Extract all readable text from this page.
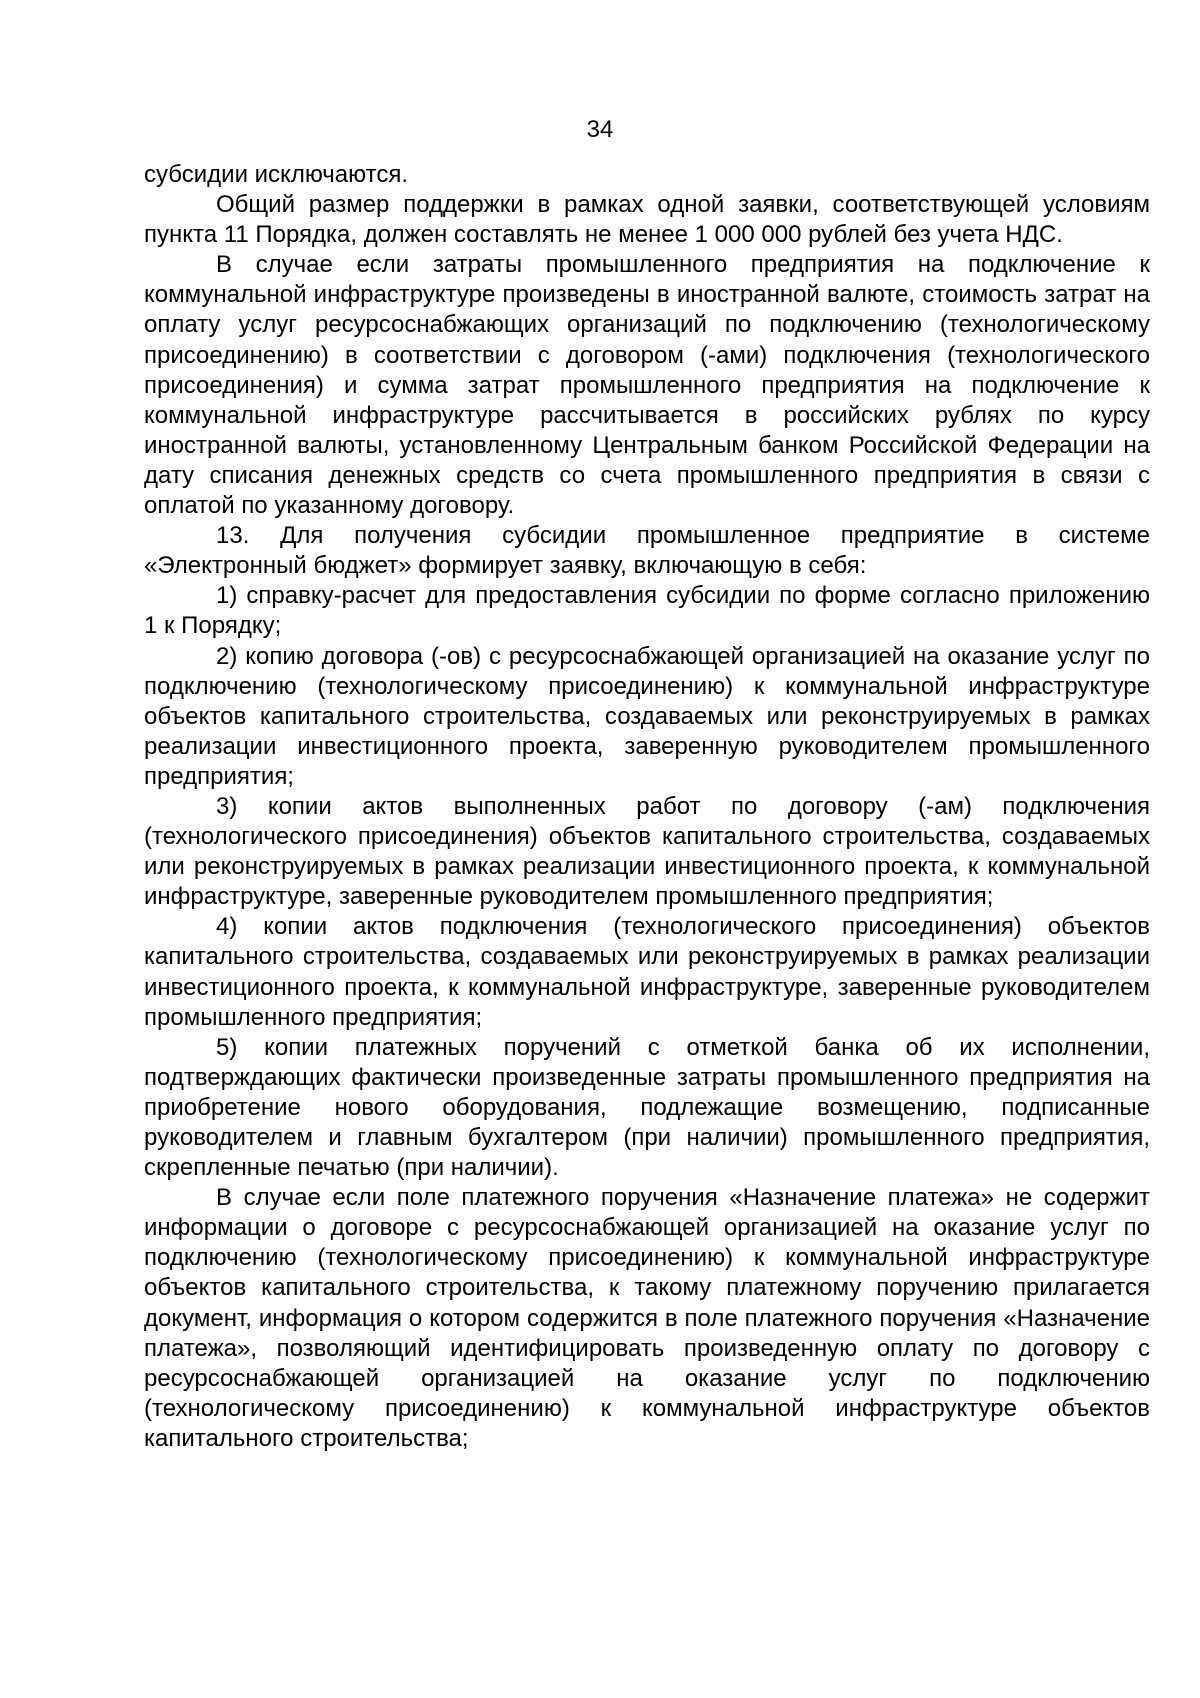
34

субсидии исключаются.

Общий размер поддержки в рамках одной заявки, соответствующей условиям пункта 11 Порядка, должен составлять не менее 1 000 000 рублей без учета НДС.

В случае если затраты промышленного предприятия на подключение к коммунальной инфраструктуре произведены в иностранной валюте, стоимость затрат на оплату услуг ресурсоснабжающих организаций по подключению (технологическому присоединению) в соответствии с договором (-ами) подключения (технологического присоединения) и сумма затрат промышленного предприятия на подключение к коммунальной инфраструктуре рассчитывается в российских рублях по курсу иностранной валюты, установленному Центральным банком Российской Федерации на дату списания денежных средств со счета промышленного предприятия в связи с оплатой по указанному договору.

13. Для получения субсидии промышленное предприятие в системе «Электронный бюджет» формирует заявку, включающую в себя:

1) справку-расчет для предоставления субсидии по форме согласно приложению 1 к Порядку;

2) копию договора (-ов) с ресурсоснабжающей организацией на оказание услуг по подключению (технологическому присоединению) к коммунальной инфраструктуре объектов капитального строительства, создаваемых или реконструируемых в рамках реализации инвестиционного проекта, заверенную руководителем промышленного предприятия;

3) копии актов выполненных работ по договору (-ам) подключения (технологического присоединения) объектов капитального строительства, создаваемых или реконструируемых в рамках реализации инвестиционного проекта, к коммунальной инфраструктуре, заверенные руководителем промышленного предприятия;

4) копии актов подключения (технологического присоединения) объектов капитального строительства, создаваемых или реконструируемых в рамках реализации инвестиционного проекта, к коммунальной инфраструктуре, заверенные руководителем промышленного предприятия;

5) копии платежных поручений с отметкой банка об их исполнении, подтверждающих фактически произведенные затраты промышленного предприятия на приобретение нового оборудования, подлежащие возмещению, подписанные руководителем и главным бухгалтером (при наличии) промышленного предприятия, скрепленные печатью (при наличии).

В случае если поле платежного поручения «Назначение платежа» не содержит информации о договоре с ресурсоснабжающей организацией на оказание услуг по подключению (технологическому присоединению) к коммунальной инфраструктуре объектов капитального строительства, к такому платежному поручению прилагается документ, информация о котором содержится в поле платежного поручения «Назначение платежа», позволяющий идентифицировать произведенную оплату по договору с ресурсоснабжающей организацией на оказание услуг по подключению (технологическому присоединению) к коммунальной инфраструктуре объектов капитального строительства;
